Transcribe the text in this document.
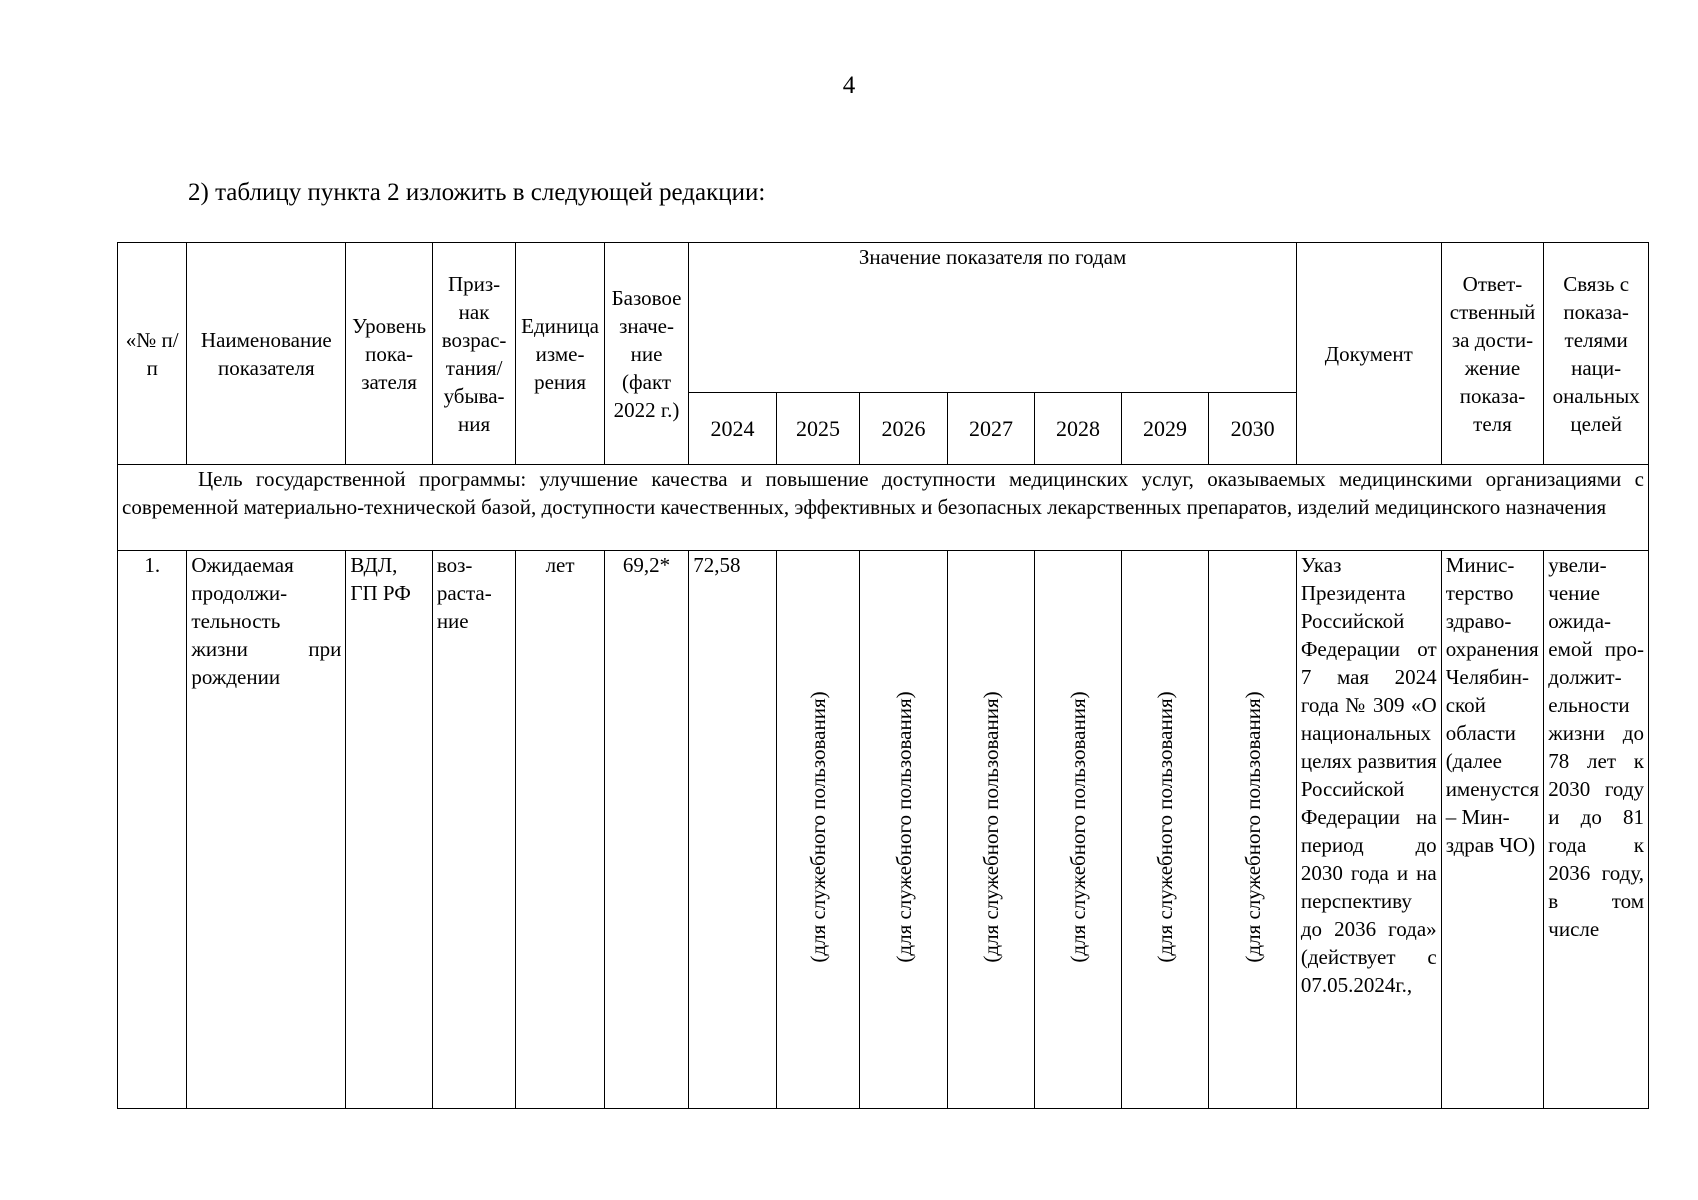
4
2) таблицу пункта 2 изложить в следующей редакции:
«№ п/п	Наименование показателя	Уровень показателя	Признак возрастания/ убывания	Единица измерения	Базовое значение (факт 2022 г.)	Значение показателя по годам							Документ	Ответственный за достижение показателя	Связь с показателями национальных целей
						2024	2025	2026	2027	2028	2029	2030			
Цель государственной программы: улучшение качества и повышение доступности медицинских услуг, оказываемых медицинскими организациями с современной материально-технической базой, доступности качественных, эффективных и безопасных лекарственных препаратов, изделий медицинского назначения															
1.	Ожидаемая продолжительность жизни при рождении	ВДЛ, ГП РФ	возрастание	лет	69,2*	72,58	(для служебного пользования)	(для служебного пользования)	(для служебного пользования)	(для служебного пользования)	(для служебного пользования)	(для служебного пользования)	Указ Президента Российской Федерации от 7 мая 2024 года № 309 «О национальных целях развития Российской Федерации на период до 2030 года и на перспективу до 2036 года» (действует с 07.05.2024г.,	Министерство здравоохранения Челябинской области (далее именустся – Минздрав ЧО)	увеличение ожидаемой продолжительности жизни до 78 лет к 2030 году и до 81 года к 2036 году, в том числе
